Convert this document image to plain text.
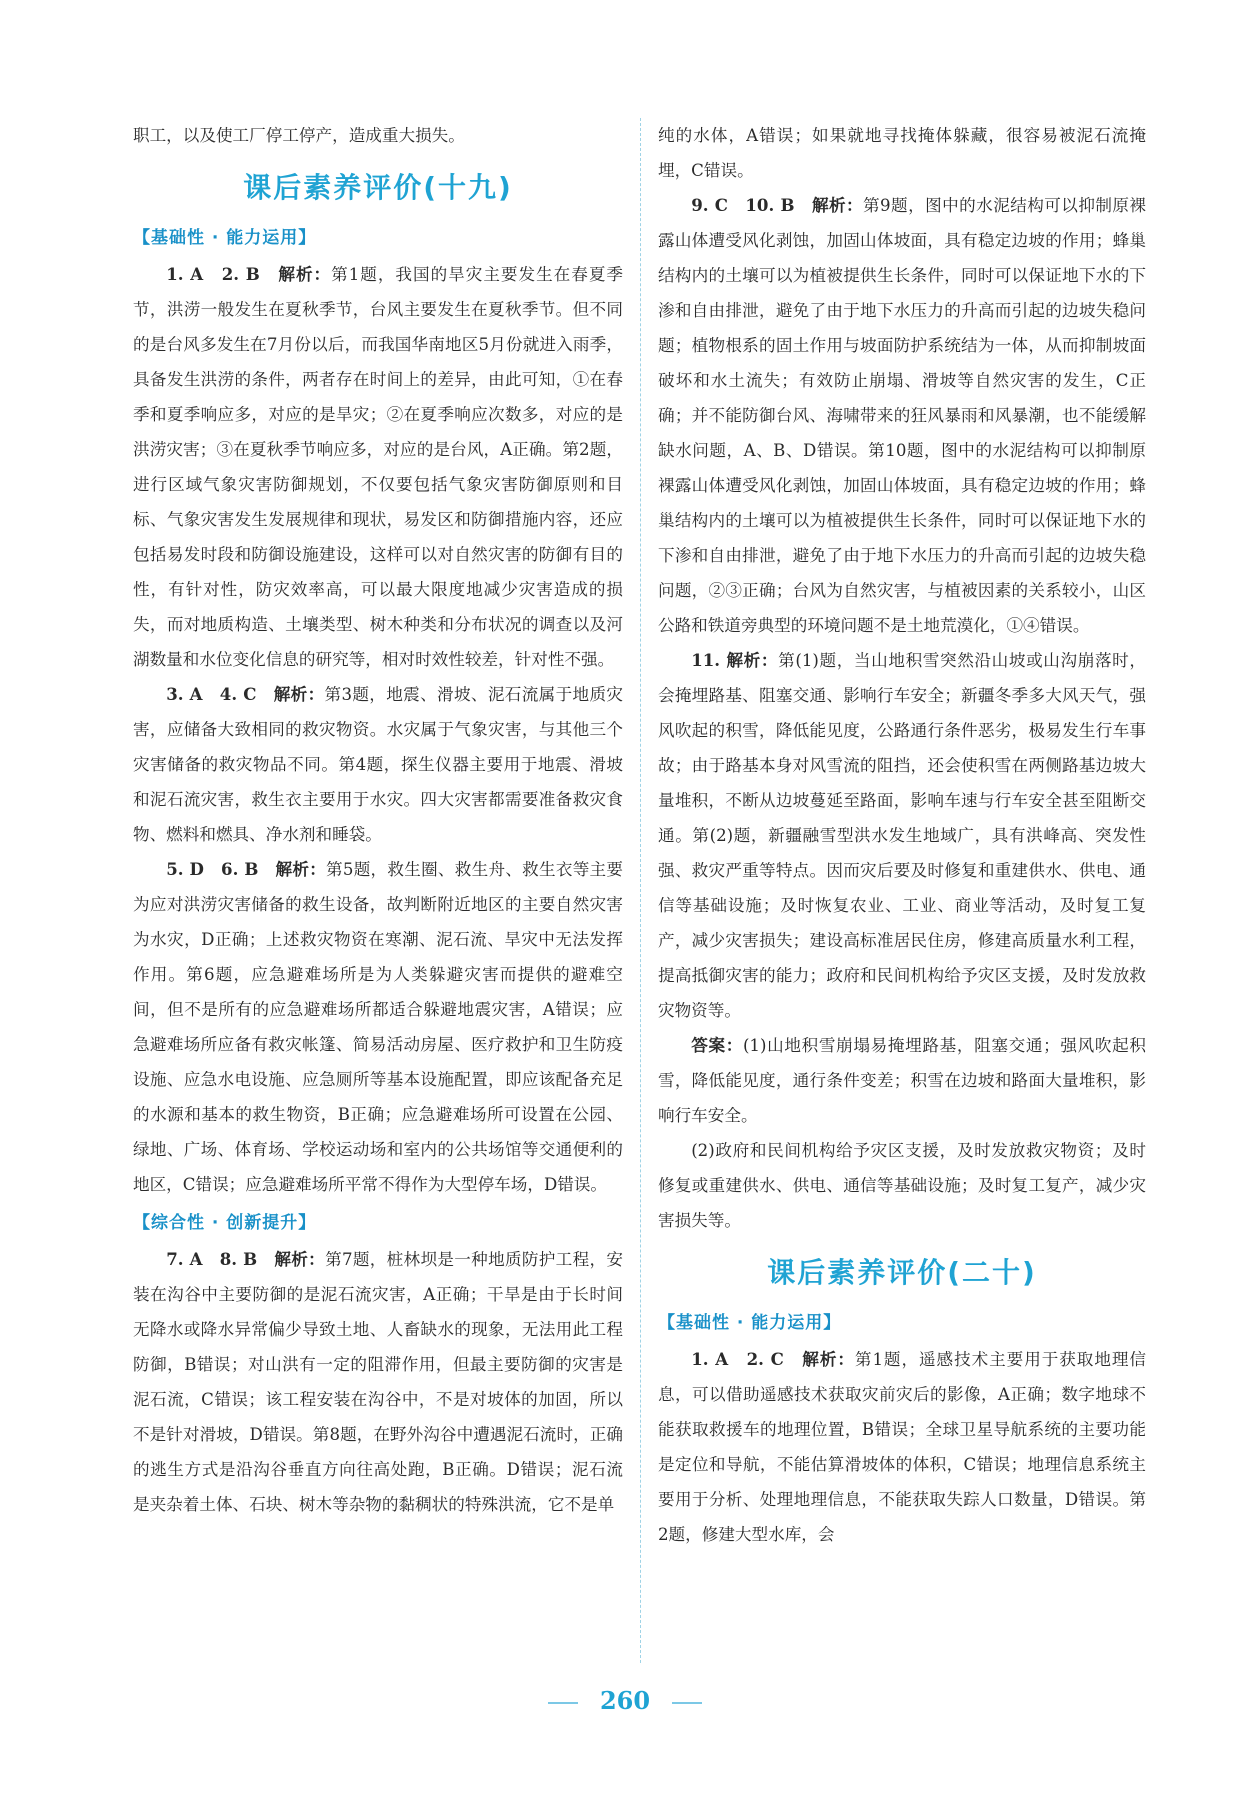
职工，以及使工厂停工停产，造成重大损失。

课后素养评价(十九)
【基础性 · 能力运用】

1. A　2. B　解析：第1题，我国的旱灾主要发生在春夏季节，洪涝一般发生在夏秋季节，台风主要发生在夏秋季节。但不同的是台风多发生在7月份以后，而我国华南地区5月份就进入雨季，具备发生洪涝的条件，两者存在时间上的差异，由此可知，①在春季和夏季响应多，对应的是旱灾；②在夏季响应次数多，对应的是洪涝灾害；③在夏秋季节响应多，对应的是台风，A正确。第2题，进行区域气象灾害防御规划，不仅要包括气象灾害防御原则和目标、气象灾害发生发展规律和现状，易发区和防御措施内容，还应包括易发时段和防御设施建设，这样可以对自然灾害的防御有目的性，有针对性，防灾效率高，可以最大限度地减少灾害造成的损失，而对地质构造、土壤类型、树木种类和分布状况的调查以及河湖数量和水位变化信息的研究等，相对时效性较差，针对性不强。

3. A　4. C　解析：第3题，地震、滑坡、泥石流属于地质灾害，应储备大致相同的救灾物资。水灾属于气象灾害，与其他三个灾害储备的救灾物品不同。第4题，探生仪器主要用于地震、滑坡和泥石流灾害，救生衣主要用于水灾。四大灾害都需要准备救灾食物、燃料和燃具、净水剂和睡袋。

5. D　6. B　解析：第5题，救生圈、救生舟、救生衣等主要为应对洪涝灾害储备的救生设备，故判断附近地区的主要自然灾害为水灾，D正确；上述救灾物资在寒潮、泥石流、旱灾中无法发挥作用。第6题，应急避难场所是为人类躲避灾害而提供的避难空间，但不是所有的应急避难场所都适合躲避地震灾害，A错误；应急避难场所应备有救灾帐篷、简易活动房屋、医疗救护和卫生防疫设施、应急水电设施、应急厕所等基本设施配置，即应该配备充足的水源和基本的救生物资，B正确；应急避难场所可设置在公园、绿地、广场、体育场、学校运动场和室内的公共场馆等交通便利的地区，C错误；应急避难场所平常不得作为大型停车场，D错误。

【综合性 · 创新提升】

7. A　8. B　解析：第7题，桩林坝是一种地质防护工程，安装在沟谷中主要防御的是泥石流灾害，A正确；干旱是由于长时间无降水或降水异常偏少导致土地、人畜缺水的现象，无法用此工程防御，B错误；对山洪有一定的阻滞作用，但最主要防御的灾害是泥石流，C错误；该工程安装在沟谷中，不是对坡体的加固，所以不是针对滑坡，D错误。第8题，在野外沟谷中遭遇泥石流时，正确的逃生方式是沿沟谷垂直方向往高处跑，B正确。D错误；泥石流是夹杂着土体、石块、树木等杂物的黏稠状的特殊洪流，它不是单

纯的水体，A错误；如果就地寻找掩体躲藏，很容易被泥石流掩埋，C错误。

9. C　10. B　解析：第9题，图中的水泥结构可以抑制原裸露山体遭受风化剥蚀，加固山体坡面，具有稳定边坡的作用；蜂巢结构内的土壤可以为植被提供生长条件，同时可以保证地下水的下渗和自由排泄，避免了由于地下水压力的升高而引起的边坡失稳问题；植物根系的固土作用与坡面防护系统结为一体，从而抑制坡面破坏和水土流失；有效防止崩塌、滑坡等自然灾害的发生，C正确；并不能防御台风、海啸带来的狂风暴雨和风暴潮，也不能缓解缺水问题，A、B、D错误。第10题，图中的水泥结构可以抑制原裸露山体遭受风化剥蚀，加固山体坡面，具有稳定边坡的作用；蜂巢结构内的土壤可以为植被提供生长条件，同时可以保证地下水的下渗和自由排泄，避免了由于地下水压力的升高而引起的边坡失稳问题，②③正确；台风为自然灾害，与植被因素的关系较小，山区公路和铁道旁典型的环境问题不是土地荒漠化，①④错误。

11. 解析：第(1)题，当山地积雪突然沿山坡或山沟崩落时，会掩埋路基、阻塞交通、影响行车安全；新疆冬季多大风天气，强风吹起的积雪，降低能见度，公路通行条件恶劣，极易发生行车事故；由于路基本身对风雪流的阻挡，还会使积雪在两侧路基边坡大量堆积，不断从边坡蔓延至路面，影响车速与行车安全甚至阻断交通。第(2)题，新疆融雪型洪水发生地域广，具有洪峰高、突发性强、救灾严重等特点。因而灾后要及时修复和重建供水、供电、通信等基础设施；及时恢复农业、工业、商业等活动，及时复工复产，减少灾害损失；建设高标准居民住房，修建高质量水利工程，提高抵御灾害的能力；政府和民间机构给予灾区支援，及时发放救灾物资等。

答案：(1)山地积雪崩塌易掩埋路基，阻塞交通；强风吹起积雪，降低能见度，通行条件变差；积雪在边坡和路面大量堆积，影响行车安全。

(2)政府和民间机构给予灾区支援，及时发放救灾物资；及时修复或重建供水、供电、通信等基础设施；及时复工复产，减少灾害损失等。

课后素养评价(二十)
【基础性 · 能力运用】

1. A　2. C　解析：第1题，遥感技术主要用于获取地理信息，可以借助遥感技术获取灾前灾后的影像，A正确；数字地球不能获取救援车的地理位置，B错误；全球卫星导航系统的主要功能是定位和导航，不能估算滑坡体的体积，C错误；地理信息系统主要用于分析、处理地理信息，不能获取失踪人口数量，D错误。第2题，修建大型水库，会

260
